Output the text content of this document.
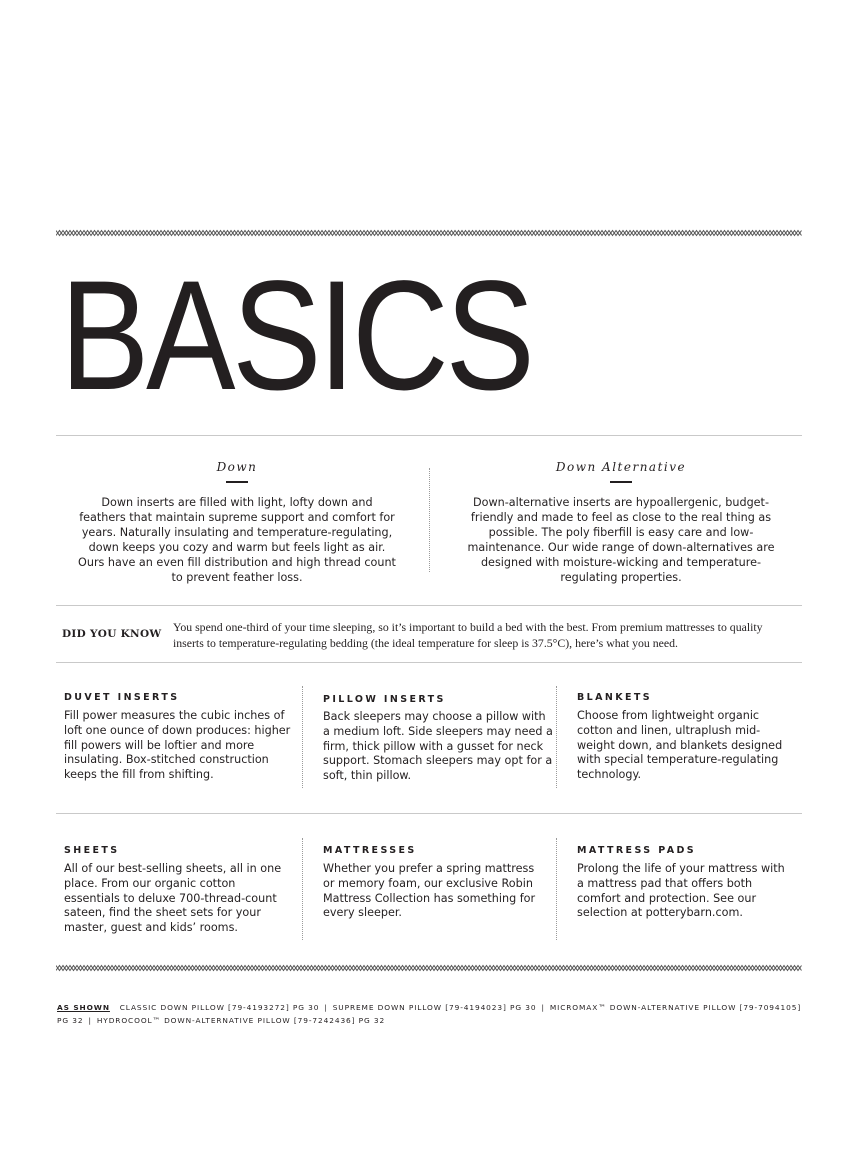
BASICS
Down
Down inserts are filled with light, lofty down and feathers that maintain supreme support and comfort for years. Naturally insulating and temperature-regulating, down keeps you cozy and warm but feels light as air. Ours have an even fill distribution and high thread count to prevent feather loss.
Down Alternative
Down-alternative inserts are hypoallergenic, budget-friendly and made to feel as close to the real thing as possible. The poly fiberfill is easy care and low-maintenance. Our wide range of down-alternatives are designed with moisture-wicking and temperature-regulating properties.
DID YOU KNOW You spend one-third of your time sleeping, so it’s important to build a bed with the best. From premium mattresses to quality inserts to temperature-regulating bedding (the ideal temperature for sleep is 37.5°C), here’s what you need.
DUVET INSERTS
Fill power measures the cubic inches of loft one ounce of down produces: higher fill powers will be loftier and more insulating. Box-stitched construction keeps the fill from shifting.
PILLOW INSERTS
Back sleepers may choose a pillow with a medium loft. Side sleepers may need a firm, thick pillow with a gusset for neck support. Stomach sleepers may opt for a soft, thin pillow.
BLANKETS
Choose from lightweight organic cotton and linen, ultraplush mid-weight down, and blankets designed with special temperature-regulating technology.
SHEETS
All of our best-selling sheets, all in one place. From our organic cotton essentials to deluxe 700-thread-count sateen, find the sheet sets for your master, guest and kids’ rooms.
MATTRESSES
Whether you prefer a spring mattress or memory foam, our exclusive Robin Mattress Collection has something for every sleeper.
MATTRESS PADS
Prolong the life of your mattress with a mattress pad that offers both comfort and protection. See our selection at potterybarn.com.
AS SHOWN CLASSIC DOWN PILLOW [79-4193272] PG 30 | SUPREME DOWN PILLOW [79-4194023] PG 30 | MICROMAX™ DOWN-ALTERNATIVE PILLOW [79-7094105] PG 32 | HYDROCOOL™ DOWN-ALTERNATIVE PILLOW [79-7242436] PG 32
